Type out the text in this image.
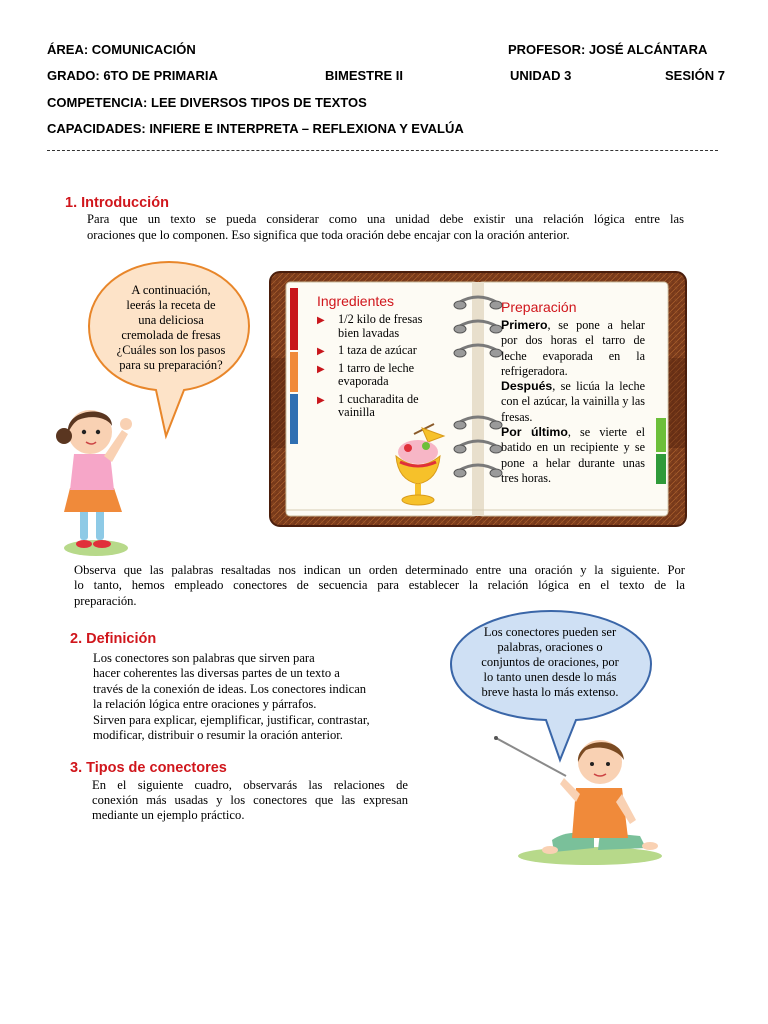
ÁREA: COMUNICACIÓN	PROFESOR: JOSÉ ALCÁNTARA
GRADO: 6TO DE PRIMARIA	BIMESTRE II	UNIDAD 3	SESIÓN 7
COMPETENCIA: LEE DIVERSOS TIPOS DE TEXTOS
CAPACIDADES: INFIERE E INTERPRETA – REFLEXIONA Y EVALÚA
1. Introducción
Para que un texto se pueda considerar como una unidad debe existir una relación lógica entre las
oraciones que lo componen. Eso significa que toda oración debe encajar con la oración anterior.
A continuación,
leerás la receta de
una deliciosa
cremolada de fresas
¿Cuáles son los pasos
para su preparación?
Ingredientes
▶ 1/2 kilo de fresas bien lavadas
▶ 1 taza de azúcar
▶ 1 tarro de leche evaporada
▶ 1 cucharadita de vainilla
Preparación
Primero, se pone a helar por dos horas el tarro de leche evaporada en la refrigeradora.
Después, se licúa la leche con el azúcar, la vainilla y las fresas.
Por último, se vierte el batido en un recipiente y se pone a helar durante unas tres horas.
Observa que las palabras resaltadas nos indican un orden determinado entre una oración y la siguiente. Por
lo tanto, hemos empleado conectores de secuencia para establecer la relación lógica en el texto de la
preparación.
2. Definición
Los conectores son palabras que sirven para
hacer coherentes las diversas partes de un texto a
través de la conexión de ideas. Los conectores indican
la relación lógica entre oraciones y párrafos.
Sirven para explicar, ejemplificar, justificar, contrastar,
modificar, distribuir o resumir la oración anterior.
Los conectores pueden ser
palabras, oraciones o
conjuntos de oraciones, por
lo tanto unen desde lo más
breve hasta lo más extenso.
3. Tipos de conectores
En el siguiente cuadro, observarás las relaciones de
conexión más usadas y los conectores que las expresan
mediante un ejemplo práctico.
